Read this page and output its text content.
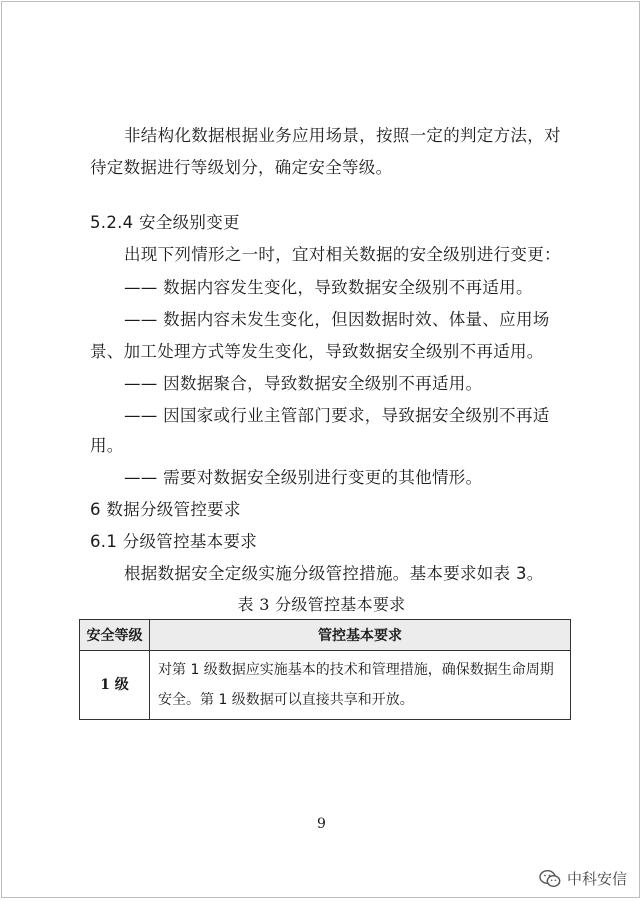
非结构化数据根据业务应用场景，按照一定的判定方法，对
待定数据进行等级划分，确定安全等级。
5.2.4 安全级别变更
出现下列情形之一时，宜对相关数据的安全级别进行变更：
—— 数据内容发生变化，导致数据安全级别不再适用。
—— 数据内容未发生变化，但因数据时效、体量、应用场
景、加工处理方式等发生变化，导致数据安全级别不再适用。
—— 因数据聚合，导致数据安全级别不再适用。
—— 因国家或行业主管部门要求，导致据安全级别不再适
用。
—— 需要对数据安全级别进行变更的其他情形。
6 数据分级管控要求
6.1 分级管控基本要求
根据数据安全定级实施分级管控措施。基本要求如表 3。
表 3 分级管控基本要求
安全等级	管控基本要求
1 级	对第 1 级数据应实施基本的技术和管理措施，确保数据生命周期
安全。第 1 级数据可以直接共享和开放。
9
中科安信
